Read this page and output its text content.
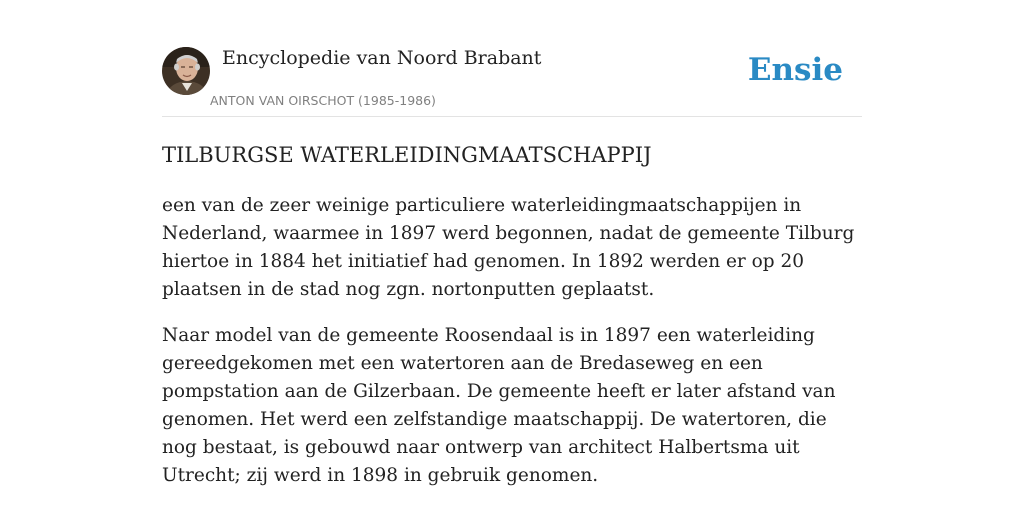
Encyclopedie van Noord Brabant
ANTON VAN OIRSCHOT (1985-1986)
Ensie
TILBURGSE WATERLEIDINGMAATSCHAPPIJ

een van de zeer weinige particuliere waterleidingmaatschappijen in Nederland, waarmee in 1897 werd begonnen, nadat de gemeente Tilburg hiertoe in 1884 het initiatief had genomen. In 1892 werden er op 20 plaatsen in de stad nog zgn. nortonputten geplaatst.

Naar model van de gemeente Roosendaal is in 1897 een waterleiding gereedgekomen met een watertoren aan de Bredaseweg en een pompstation aan de Gilzerbaan. De gemeente heeft er later afstand van genomen. Het werd een zelfstandige maatschappij. De watertoren, die nog bestaat, is gebouwd naar ontwerp van architect Halbertsma uit Utrecht; zij werd in 1898 in gebruik genomen.
